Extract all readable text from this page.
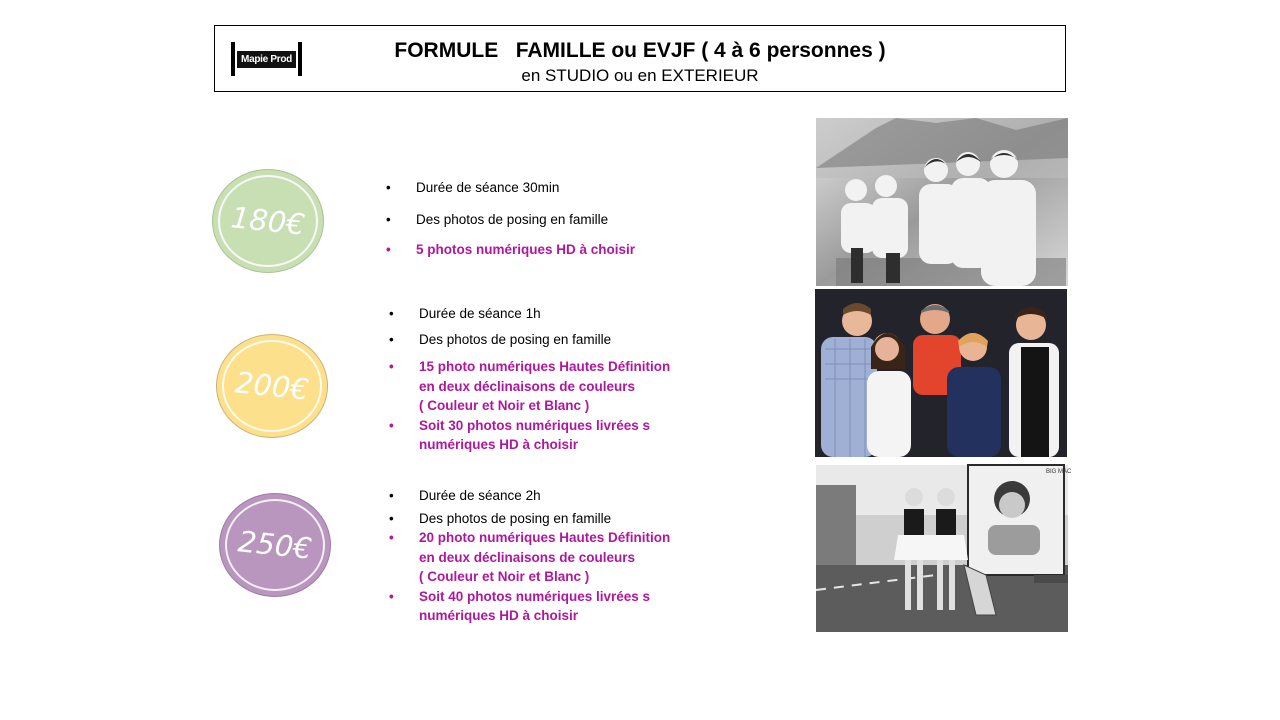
Mapie Prod	FORMULE   FAMILLE ou EVJF ( 4 à 6 personnes )
en STUDIO ou en EXTERIEUR
180€
200€
250€
• Durée de séance 30min
• Des photos de posing en famille
• 5 photos numériques HD à choisir
• Durée de séance 1h
• Des photos de posing en famille
• 15 photo numériques Hautes Définition
en deux déclinaisons de couleurs
( Couleur et Noir et Blanc )
• Soit 30 photos numériques livrées s
numériques HD à choisir
• Durée de séance 2h
• Des photos de posing en famille
• 20 photo numériques Hautes Définition
en deux déclinaisons de couleurs
( Couleur et Noir et Blanc )
• Soit 40 photos numériques livrées s
numériques HD à choisir
BIG MAC
